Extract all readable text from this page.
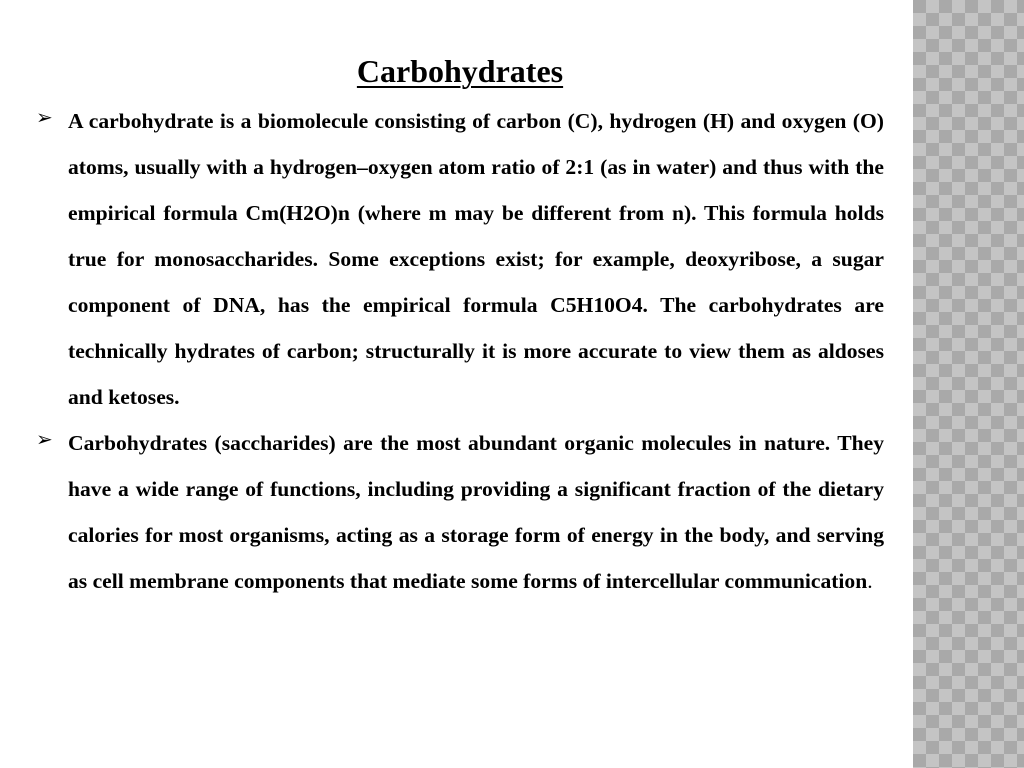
Carbohydrates

➢ A carbohydrate is a biomolecule consisting of carbon (C), hydrogen (H) and oxygen (O) atoms, usually with a hydrogen–oxygen atom ratio of 2:1 (as in water) and thus with the empirical formula Cm(H2O)n (where m may be different from n). This formula holds true for monosaccharides. Some exceptions exist; for example, deoxyribose, a sugar component of DNA, has the empirical formula C5H10O4. The carbohydrates are technically hydrates of carbon; structurally it is more accurate to view them as aldoses and ketoses.

➢ Carbohydrates (saccharides) are the most abundant organic molecules in nature. They have a wide range of functions, including providing a significant fraction of the dietary calories for most organisms, acting as a storage form of energy in the body, and serving as cell membrane components that mediate some forms of intercellular communication.
